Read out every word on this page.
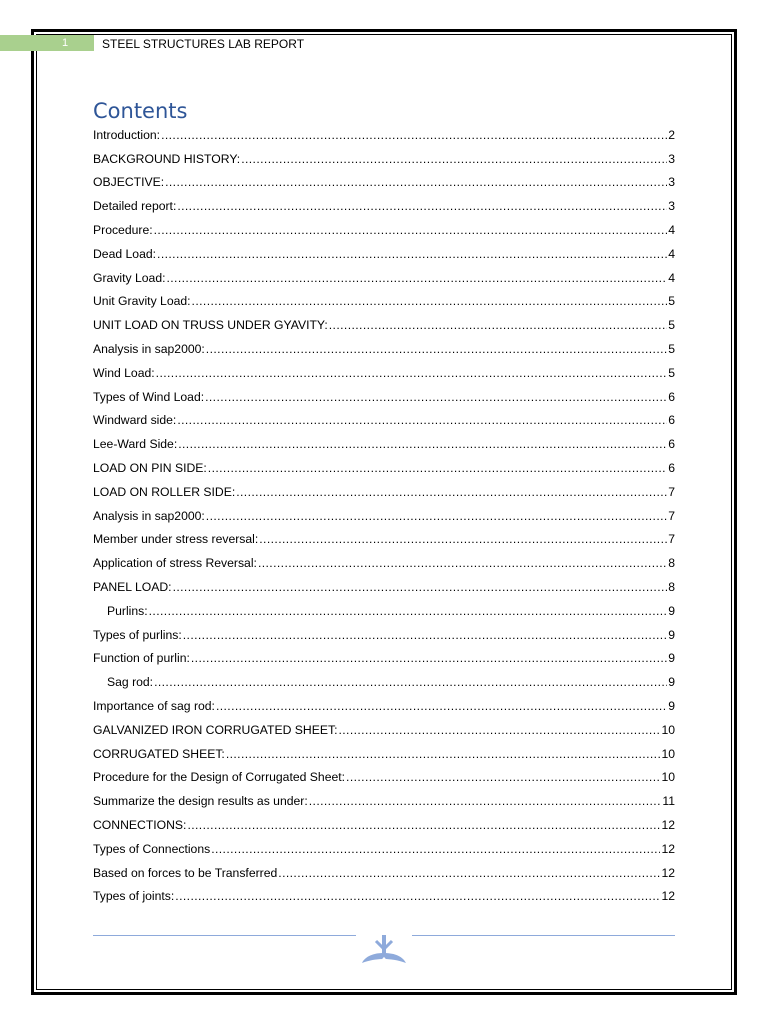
1	STEEL STRUCTURES LAB REPORT
Contents
Introduction: .....	2
BACKGROUND HISTORY: .....	3
OBJECTIVE: .....	3
Detailed report: .....	3
Procedure: .....	4
Dead Load: .....	4
Gravity Load: .....	4
Unit Gravity Load: .....	5
UNIT LOAD ON TRUSS UNDER GYAVITY: .....	5
Analysis in sap2000: .....	5
Wind Load: .....	5
Types of Wind Load: .....	6
Windward side: .....	6
Lee-Ward Side: .....	6
LOAD ON PIN SIDE: .....	6
LOAD ON ROLLER SIDE: .....	7
Analysis in sap2000: .....	7
Member under stress reversal: .....	7
Application of stress Reversal: .....	8
PANEL LOAD: .....	8
Purlins: .....	9
Types of purlins: .....	9
Function of purlin: .....	9
Sag rod: .....	9
Importance of sag rod: .....	9
GALVANIZED IRON CORRUGATED SHEET: .....	10
CORRUGATED SHEET: .....	10
Procedure for the Design of Corrugated Sheet: .....	10
Summarize the design results as under: .....	11
CONNECTIONS: .....	12
Types of Connections .....	12
Based on forces to be Transferred .....	12
Types of joints: .....	12
